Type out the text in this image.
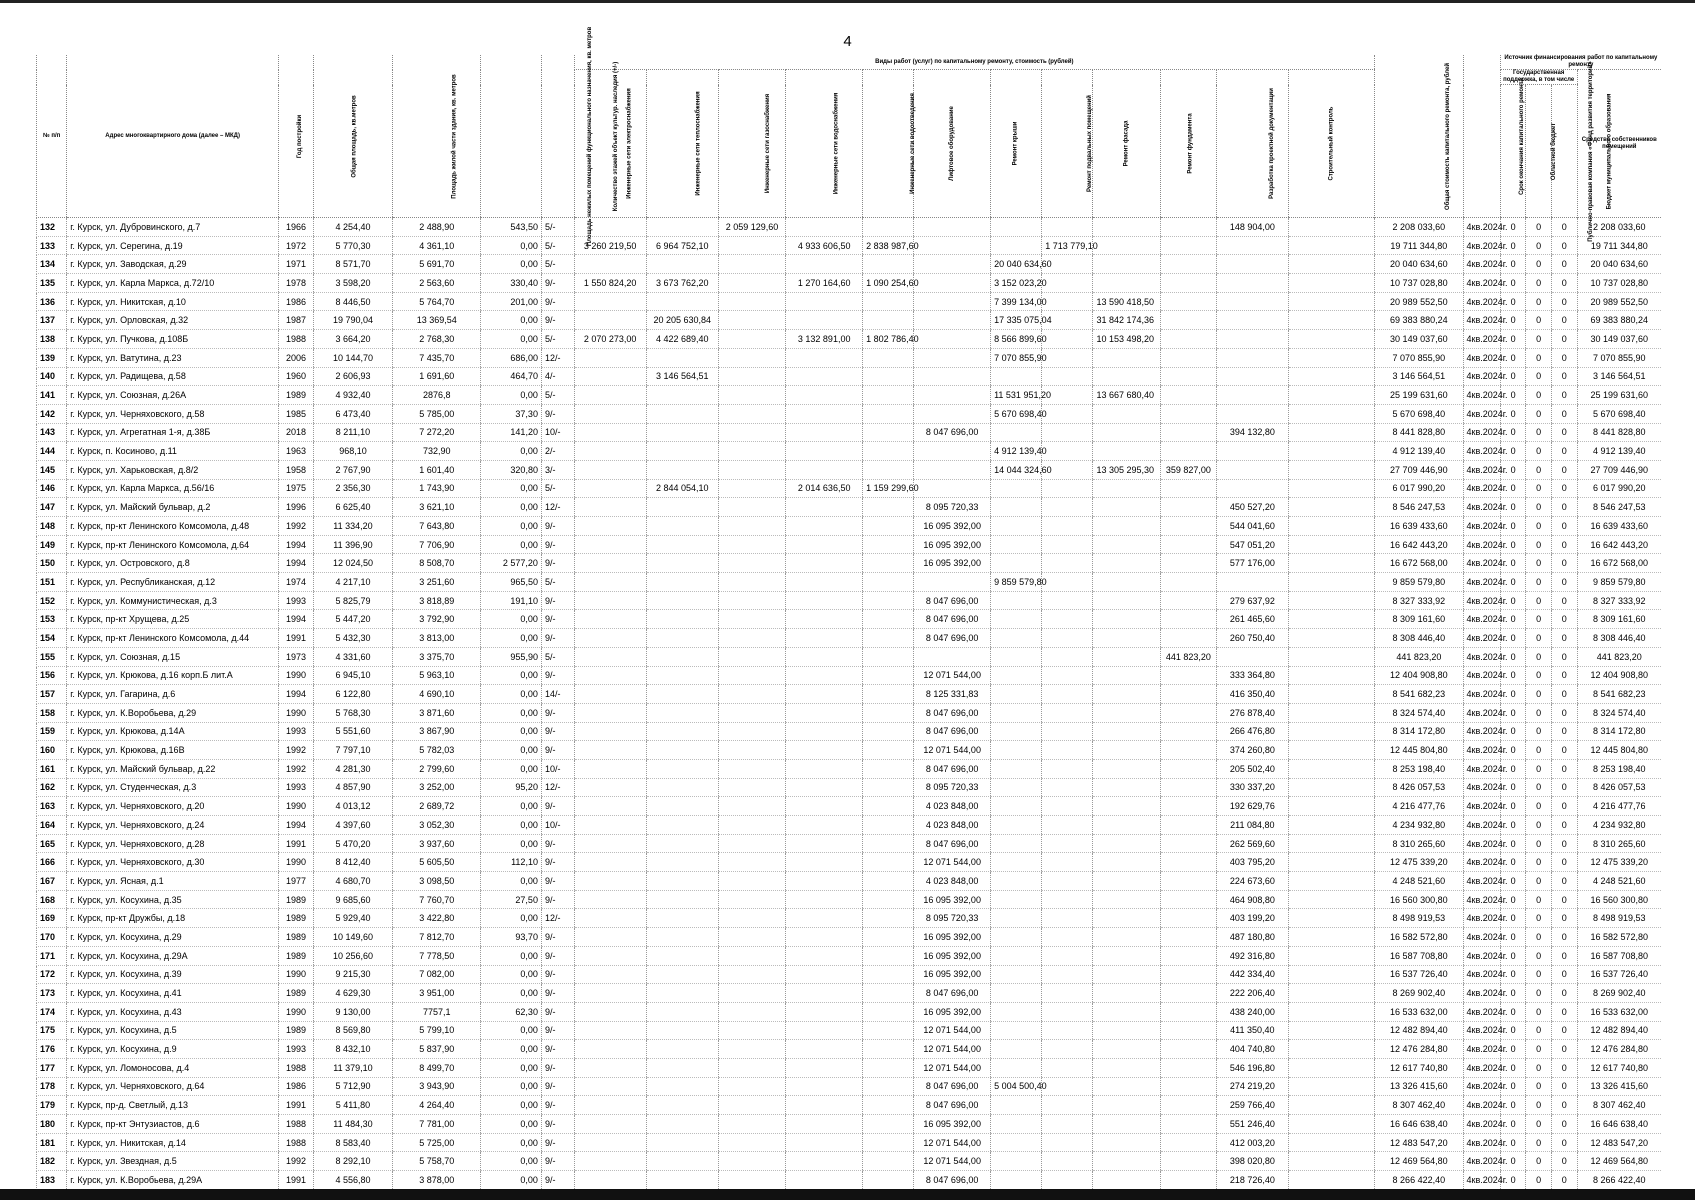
4
№ п/п	Адрес многоквартирного дома (далее – МКД)	Год постройки	Общая площадь, кв.метров	Площадь жилой части здания, кв. метров	Площадь нежилых помещений функционального назначения, кв. метров	Количество этажей объект культур. наследия (+/-)	Виды работ (услуг) по капитальному ремонту, стоимость (рублей)												Общая стоимость капитального ремонта, рублей	Срок окончания капитального ремонта	Источник финансирования работ по капитальному ремонту			
							Инженерные сети электроснабжения	Инженерные сети теплоснабжения	Инженерные сети газоснабжения	Инженерные сети водоснабжения	Инженерные сети водоотведения	Лифтовое оборудование	Ремонт крыши	Ремонт подвальных помещений	Ремонт фасада	Ремонт фундамента	Разработка проектной документации	Строительный контроль			Государственная поддержка, в том числе			Средства собственников помещений
																					Публично-правовая компания «Фонд развития территорий»	Областной бюджет	Бюджет муниципального образования	
132	г. Курск, ул. Дубровинского, д.7	1966	4 254,40	2 488,90	543,50	5/-			2 059 129,60								148 904,00		2 208 033,60	4кв.2024г.	0	0	0	2 208 033,60
133	г. Курск, ул. Серегина, д.19	1972	5 770,30	4 361,10	0,00	5/-	3 260 219,50	6 964 752,10		4 933 606,50	2 838 987,60			1 713 779,10					19 711 344,80	4кв.2024г.	0	0	0	19 711 344,80
134	г. Курск, ул. Заводская, д.29	1971	8 571,70	5 691,70	0,00	5/-							20 040 634,60						20 040 634,60	4кв.2024г.	0	0	0	20 040 634,60
135	г. Курск, ул. Карла Маркса, д.72/10	1978	3 598,20	2 563,60	330,40	9/-	1 550 824,20	3 673 762,20		1 270 164,60	1 090 254,60		3 152 023,20						10 737 028,80	4кв.2024г.	0	0	0	10 737 028,80
136	г. Курск, ул. Никитская, д.10	1986	8 446,50	5 764,70	201,00	9/-							7 399 134,00		13 590 418,50				20 989 552,50	4кв.2024г.	0	0	0	20 989 552,50
137	г. Курск, ул. Орловская, д.32	1987	19 790,04	13 369,54	0,00	9/-		20 205 630,84					17 335 075,04		31 842 174,36				69 383 880,24	4кв.2024г.	0	0	0	69 383 880,24
138	г. Курск, ул. Пучкова, д.108Б	1988	3 664,20	2 768,30	0,00	5/-	2 070 273,00	4 422 689,40		3 132 891,00	1 802 786,40		8 566 899,60		10 153 498,20				30 149 037,60	4кв.2024г.	0	0	0	30 149 037,60
139	г. Курск, ул. Ватутина, д.23	2006	10 144,70	7 435,70	686,00	12/-							7 070 855,90						7 070 855,90	4кв.2024г.	0	0	0	7 070 855,90
140	г. Курск, ул. Радищева, д.58	1960	2 606,93	1 691,60	464,70	4/-		3 146 564,51											3 146 564,51	4кв.2024г.	0	0	0	3 146 564,51
141	г. Курск, ул. Союзная, д.26А	1989	4 932,40	2876,8	0,00	5/-							11 531 951,20		13 667 680,40				25 199 631,60	4кв.2024г.	0	0	0	25 199 631,60
142	г. Курск, ул. Черняховского, д.58	1985	6 473,40	5 785,00	37,30	9/-							5 670 698,40						5 670 698,40	4кв.2024г.	0	0	0	5 670 698,40
143	г. Курск, ул. Агрегатная 1-я, д.38Б	2018	8 211,10	7 272,20	141,20	10/-						8 047 696,00					394 132,80		8 441 828,80	4кв.2024г.	0	0	0	8 441 828,80
144	г. Курск, п. Косиново, д.11	1963	968,10	732,90	0,00	2/-							4 912 139,40						4 912 139,40	4кв.2024г.	0	0	0	4 912 139,40
145	г. Курск, ул. Харьковская, д.8/2	1958	2 767,90	1 601,40	320,80	3/-							14 044 324,60		13 305 295,30	359 827,00			27 709 446,90	4кв.2024г.	0	0	0	27 709 446,90
146	г. Курск, ул. Карла Маркса, д.56/16	1975	2 356,30	1 743,90	0,00	5/-		2 844 054,10		2 014 636,50	1 159 299,60								6 017 990,20	4кв.2024г.	0	0	0	6 017 990,20
147	г. Курск, ул. Майский бульвар, д.2	1996	6 625,40	3 621,10	0,00	12/-						8 095 720,33					450 527,20		8 546 247,53	4кв.2024г.	0	0	0	8 546 247,53
148	г. Курск, пр-кт Ленинского Комсомола, д.48	1992	11 334,20	7 643,80	0,00	9/-						16 095 392,00					544 041,60		16 639 433,60	4кв.2024г.	0	0	0	16 639 433,60
149	г. Курск, пр-кт Ленинского Комсомола, д.64	1994	11 396,90	7 706,90	0,00	9/-						16 095 392,00					547 051,20		16 642 443,20	4кв.2024г.	0	0	0	16 642 443,20
150	г. Курск, ул. Островского, д.8	1994	12 024,50	8 508,70	2 577,20	9/-						16 095 392,00					577 176,00		16 672 568,00	4кв.2024г.	0	0	0	16 672 568,00
151	г. Курск, ул. Республиканская, д.12	1974	4 217,10	3 251,60	965,50	5/-							9 859 579,80						9 859 579,80	4кв.2024г.	0	0	0	9 859 579,80
152	г. Курск, ул. Коммунистическая, д.3	1993	5 825,79	3 818,89	191,10	9/-						8 047 696,00					279 637,92		8 327 333,92	4кв.2024г.	0	0	0	8 327 333,92
153	г. Курск, пр-кт Хрущева, д.25	1994	5 447,20	3 792,90	0,00	9/-						8 047 696,00					261 465,60		8 309 161,60	4кв.2024г.	0	0	0	8 309 161,60
154	г. Курск, пр-кт Ленинского Комсомола, д.44	1991	5 432,30	3 813,00	0,00	9/-						8 047 696,00					260 750,40		8 308 446,40	4кв.2024г.	0	0	0	8 308 446,40
155	г. Курск, ул. Союзная, д.15	1973	4 331,60	3 375,70	955,90	5/-										441 823,20			441 823,20	4кв.2024г.	0	0	0	441 823,20
156	г. Курск, ул. Крюкова, д.16 корп.Б лит.А	1990	6 945,10	5 963,10	0,00	9/-						12 071 544,00					333 364,80		12 404 908,80	4кв.2024г.	0	0	0	12 404 908,80
157	г. Курск, ул. Гагарина, д.6	1994	6 122,80	4 690,10	0,00	14/-						8 125 331,83					416 350,40		8 541 682,23	4кв.2024г.	0	0	0	8 541 682,23
158	г. Курск, ул. К.Воробьева, д.29	1990	5 768,30	3 871,60	0,00	9/-						8 047 696,00					276 878,40		8 324 574,40	4кв.2024г.	0	0	0	8 324 574,40
159	г. Курск, ул. Крюкова, д.14А	1993	5 551,60	3 867,90	0,00	9/-						8 047 696,00					266 476,80		8 314 172,80	4кв.2024г.	0	0	0	8 314 172,80
160	г. Курск, ул. Крюкова, д.16В	1992	7 797,10	5 782,03	0,00	9/-						12 071 544,00					374 260,80		12 445 804,80	4кв.2024г.	0	0	0	12 445 804,80
161	г. Курск, ул. Майский бульвар, д.22	1992	4 281,30	2 799,60	0,00	10/-						8 047 696,00					205 502,40		8 253 198,40	4кв.2024г.	0	0	0	8 253 198,40
162	г. Курск, ул. Студенческая, д.3	1993	4 857,90	3 252,00	95,20	12/-						8 095 720,33					330 337,20		8 426 057,53	4кв.2024г.	0	0	0	8 426 057,53
163	г. Курск, ул. Черняховского, д.20	1990	4 013,12	2 689,72	0,00	9/-						4 023 848,00					192 629,76		4 216 477,76	4кв.2024г.	0	0	0	4 216 477,76
164	г. Курск, ул. Черняховского, д.24	1994	4 397,60	3 052,30	0,00	10/-						4 023 848,00					211 084,80		4 234 932,80	4кв.2024г.	0	0	0	4 234 932,80
165	г. Курск, ул. Черняховского, д.28	1991	5 470,20	3 937,60	0,00	9/-						8 047 696,00					262 569,60		8 310 265,60	4кв.2024г.	0	0	0	8 310 265,60
166	г. Курск, ул. Черняховского, д.30	1990	8 412,40	5 605,50	112,10	9/-						12 071 544,00					403 795,20		12 475 339,20	4кв.2024г.	0	0	0	12 475 339,20
167	г. Курск, ул. Ясная, д.1	1977	4 680,70	3 098,50	0,00	9/-						4 023 848,00					224 673,60		4 248 521,60	4кв.2024г.	0	0	0	4 248 521,60
168	г. Курск, ул. Косухина, д.35	1989	9 685,60	7 760,70	27,50	9/-						16 095 392,00					464 908,80		16 560 300,80	4кв.2024г.	0	0	0	16 560 300,80
169	г. Курск, пр-кт Дружбы, д.18	1989	5 929,40	3 422,80	0,00	12/-						8 095 720,33					403 199,20		8 498 919,53	4кв.2024г.	0	0	0	8 498 919,53
170	г. Курск, ул. Косухина, д.29	1989	10 149,60	7 812,70	93,70	9/-						16 095 392,00					487 180,80		16 582 572,80	4кв.2024г.	0	0	0	16 582 572,80
171	г. Курск, ул. Косухина, д.29А	1989	10 256,60	7 778,50	0,00	9/-						16 095 392,00					492 316,80		16 587 708,80	4кв.2024г.	0	0	0	16 587 708,80
172	г. Курск, ул. Косухина, д.39	1990	9 215,30	7 082,00	0,00	9/-						16 095 392,00					442 334,40		16 537 726,40	4кв.2024г.	0	0	0	16 537 726,40
173	г. Курск, ул. Косухина, д.41	1989	4 629,30	3 951,00	0,00	9/-						8 047 696,00					222 206,40		8 269 902,40	4кв.2024г.	0	0	0	8 269 902,40
174	г. Курск, ул. Косухина, д.43	1990	9 130,00	7757,1	62,30	9/-						16 095 392,00					438 240,00		16 533 632,00	4кв.2024г.	0	0	0	16 533 632,00
175	г. Курск, ул. Косухина, д.5	1989	8 569,80	5 799,10	0,00	9/-						12 071 544,00					411 350,40		12 482 894,40	4кв.2024г.	0	0	0	12 482 894,40
176	г. Курск, ул. Косухина, д.9	1993	8 432,10	5 837,90	0,00	9/-						12 071 544,00					404 740,80		12 476 284,80	4кв.2024г.	0	0	0	12 476 284,80
177	г. Курск, ул. Ломоносова, д.4	1988	11 379,10	8 499,70	0,00	9/-						12 071 544,00					546 196,80		12 617 740,80	4кв.2024г.	0	0	0	12 617 740,80
178	г. Курск, ул. Черняховского, д.64	1986	5 712,90	3 943,90	0,00	9/-						8 047 696,00	5 004 500,40				274 219,20		13 326 415,60	4кв.2024г.	0	0	0	13 326 415,60
179	г. Курск, пр-д. Светлый, д.13	1991	5 411,80	4 264,40	0,00	9/-						8 047 696,00					259 766,40		8 307 462,40	4кв.2024г.	0	0	0	8 307 462,40
180	г. Курск, пр-кт Энтузиастов, д.6	1988	11 484,30	7 781,00	0,00	9/-						16 095 392,00					551 246,40		16 646 638,40	4кв.2024г.	0	0	0	16 646 638,40
181	г. Курск, ул. Никитская, д.14	1988	8 583,40	5 725,00	0,00	9/-						12 071 544,00					412 003,20		12 483 547,20	4кв.2024г.	0	0	0	12 483 547,20
182	г. Курск, ул. Звездная, д.5	1992	8 292,10	5 758,70	0,00	9/-						12 071 544,00					398 020,80		12 469 564,80	4кв.2024г.	0	0	0	12 469 564,80
183	г. Курск, ул. К.Воробьева, д.29А	1991	4 556,80	3 878,00	0,00	9/-						8 047 696,00					218 726,40		8 266 422,40	4кв.2024г.	0	0	0	8 266 422,40
